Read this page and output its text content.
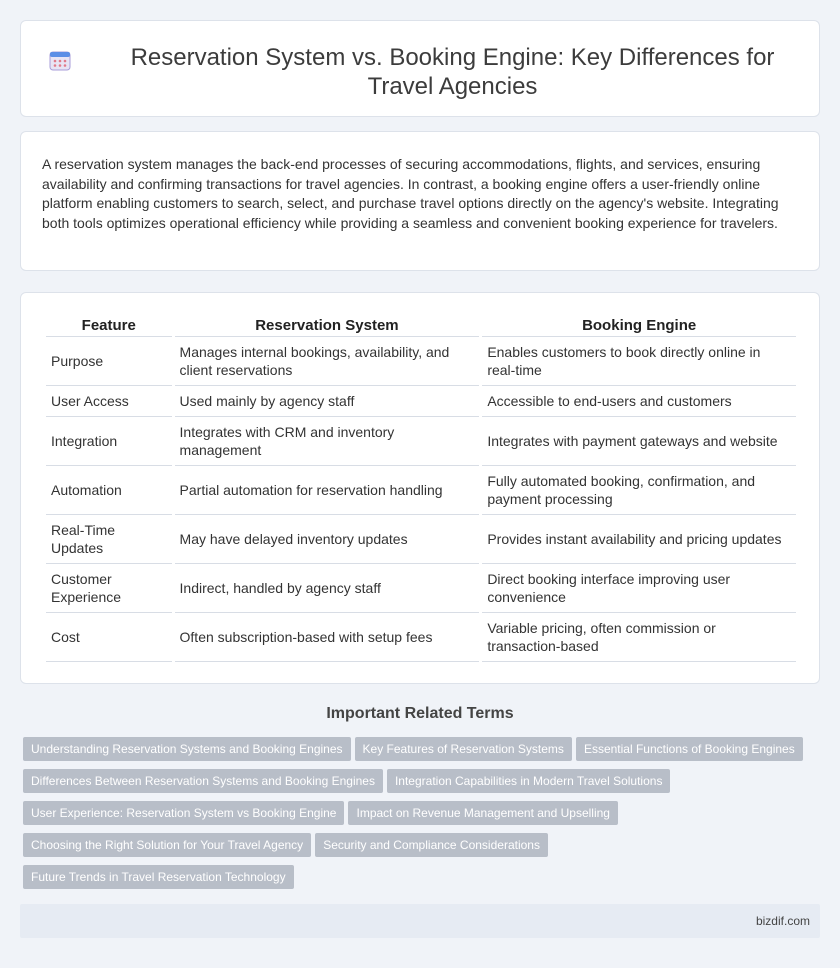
Reservation System vs. Booking Engine: Key Differences for Travel Agencies

A reservation system manages the back-end processes of securing accommodations, flights, and services, ensuring availability and confirming transactions for travel agencies. In contrast, a booking engine offers a user-friendly online platform enabling customers to search, select, and purchase travel options directly on the agency's website. Integrating both tools optimizes operational efficiency while providing a seamless and convenient booking experience for travelers.

Feature	Reservation System	Booking Engine
Purpose	Manages internal bookings, availability, and client reservations	Enables customers to book directly online in real-time
User Access	Used mainly by agency staff	Accessible to end-users and customers
Integration	Integrates with CRM and inventory management	Integrates with payment gateways and website
Automation	Partial automation for reservation handling	Fully automated booking, confirmation, and payment processing
Real-Time Updates	May have delayed inventory updates	Provides instant availability and pricing updates
Customer Experience	Indirect, handled by agency staff	Direct booking interface improving user convenience
Cost	Often subscription-based with setup fees	Variable pricing, often commission or transaction-based
Important Related Terms
Understanding Reservation Systems and Booking Engines Key Features of Reservation Systems Essential Functions of Booking Engines
Differences Between Reservation Systems and Booking Engines Integration Capabilities in Modern Travel Solutions
User Experience: Reservation System vs Booking Engine Impact on Revenue Management and Upselling
Choosing the Right Solution for Your Travel Agency Security and Compliance Considerations
Future Trends in Travel Reservation Technology
bizdif.com
